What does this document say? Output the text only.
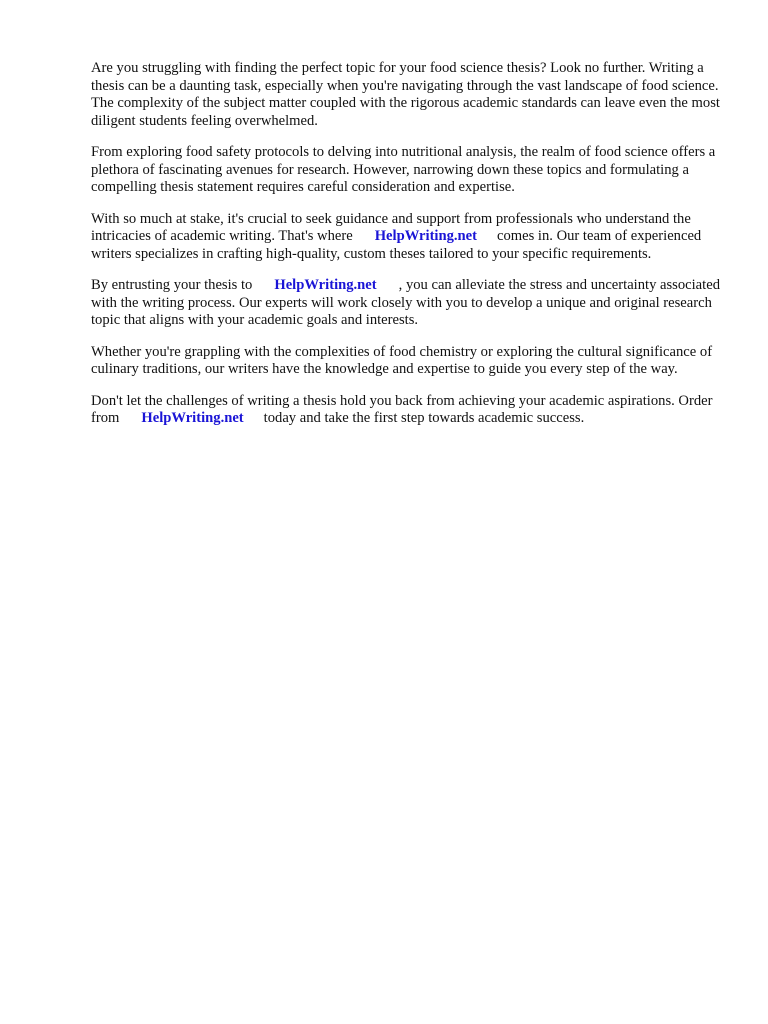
Are you struggling with finding the perfect topic for your food science thesis? Look no further. Writing a thesis can be a daunting task, especially when you're navigating through the vast landscape of food science. The complexity of the subject matter coupled with the rigorous academic standards can leave even the most diligent students feeling overwhelmed.

From exploring food safety protocols to delving into nutritional analysis, the realm of food science offers a plethora of fascinating avenues for research. However, narrowing down these topics and formulating a compelling thesis statement requires careful consideration and expertise.

With so much at stake, it's crucial to seek guidance and support from professionals who understand the intricacies of academic writing. That's where HelpWriting.net comes in. Our team of experienced writers specializes in crafting high-quality, custom theses tailored to your specific requirements.

By entrusting your thesis to HelpWriting.net , you can alleviate the stress and uncertainty associated with the writing process. Our experts will work closely with you to develop a unique and original research topic that aligns with your academic goals and interests.

Whether you're grappling with the complexities of food chemistry or exploring the cultural significance of culinary traditions, our writers have the knowledge and expertise to guide you every step of the way.

Don't let the challenges of writing a thesis hold you back from achieving your academic aspirations. Order from HelpWriting.net today and take the first step towards academic success.
